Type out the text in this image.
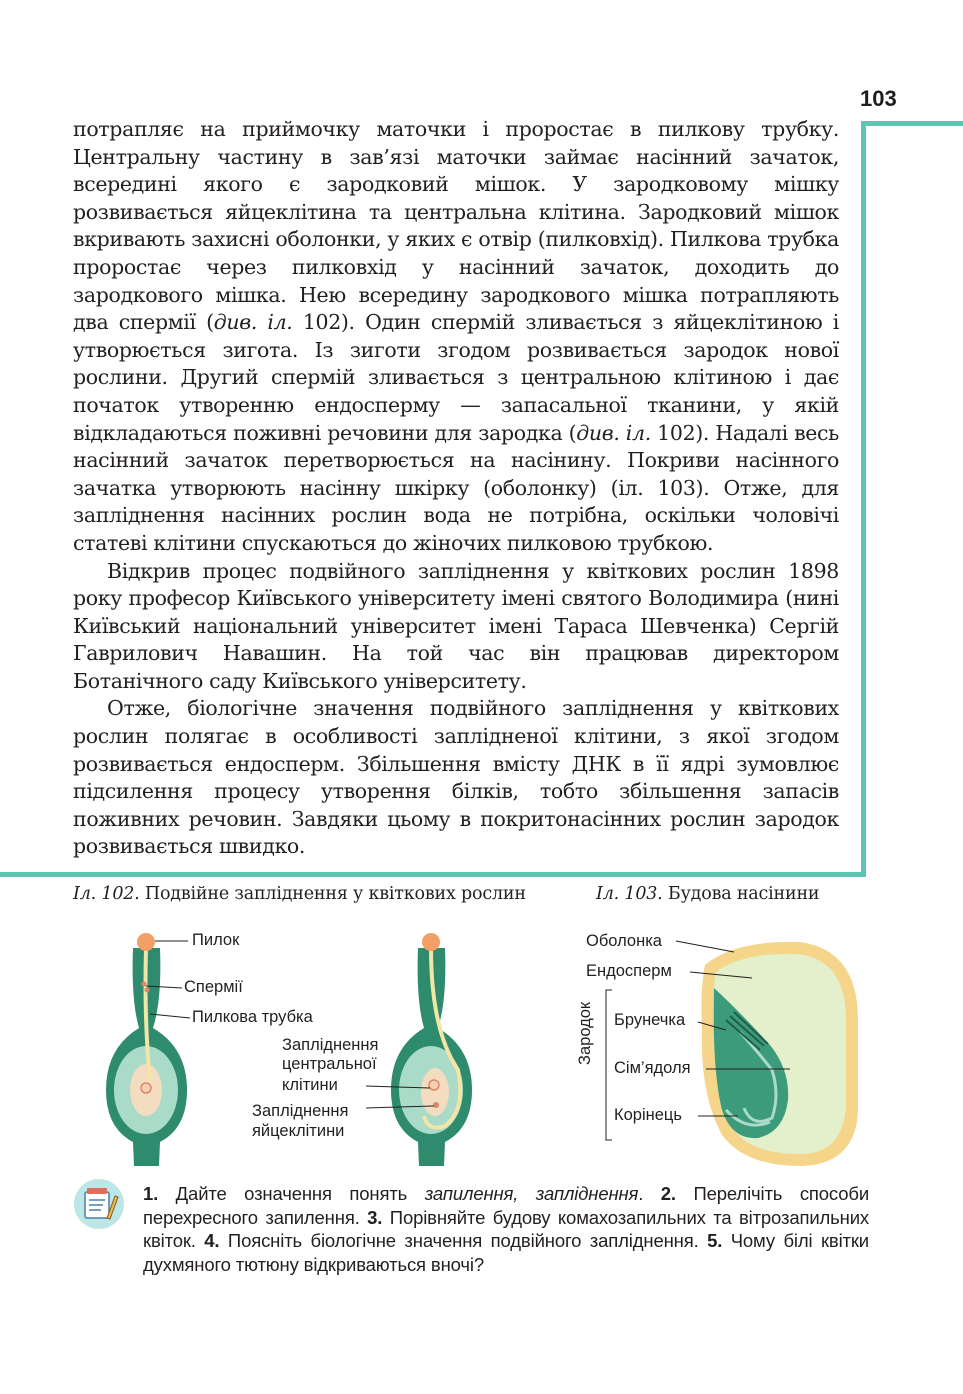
103

потрапляє на приймочку маточки і проростає в пилкову трубку. Центральну частину в зав’язі маточки займає насінний зачаток, всередині якого є зародковий мішок. У зародковому мішку розвивається яйцеклітина та центральна клітина. Зародковий мішок вкривають захисні оболонки, у яких є отвір (пилковхід). Пилкова трубка проростає через пилковхід у насінний зачаток, доходить до зародкового мішка. Нею всередину зародкового мішка потрапляють два спермії (див. іл. 102). Один спермій зливається з яйцеклітиною і утворюється зигота. Із зиготи згодом розвивається зародок нової рослини. Другий спермій зливається з центральною клітиною і дає початок утворенню ендосперму — запасальної тканини, у якій відкладаються поживні речовини для зародка (див. іл. 102). Надалі весь насінний зачаток перетворюється на насінину. Покриви насінного зачатка утворюють насінну шкірку (оболонку) (іл. 103). Отже, для запліднення насінних рослин вода не потрібна, оскільки чоловічі статеві клітини спускаються до жіночих пилковою трубкою.

Відкрив процес подвійного запліднення у квіткових рослин 1898 року професор Київського університету імені святого Володимира (нині Київський національний університет імені Тараса Шевченка) Сергій Гаврилович Навашин. На той час він працював директором Ботанічного саду Київського університету.

Отже, біологічне значення подвійного запліднення у квіткових рослин полягає в особливості заплідненої клітини, з якої згодом розвивається ендосперм. Збільшення вмісту ДНК в її ядрі зумовлює підсилення процесу утворення білків, тобто збільшення запасів поживних речовин. Завдяки цьому в покритонасінних рослин зародок розвивається швидко.

Іл. 102. Подвійне запліднення у квіткових рослин	Іл. 103. Будова насінини
Пилок
Спермії
Пилкова трубка
Запліднення
центральної
клітини
Запліднення
яйцеклітини
Оболонка
Ендосперм
Зародок Брунечка
Сім’ядоля
Корінець
1. Дайте означення понять запилення, запліднення. 2. Перелічіть способи перехресного запилення. 3. Порівняйте будову комахозапильних та вітрозапильних квіток. 4. Поясніть біологічне значення подвійного запліднення. 5. Чому білі квітки духмяного тютюну відкриваються вночі?
